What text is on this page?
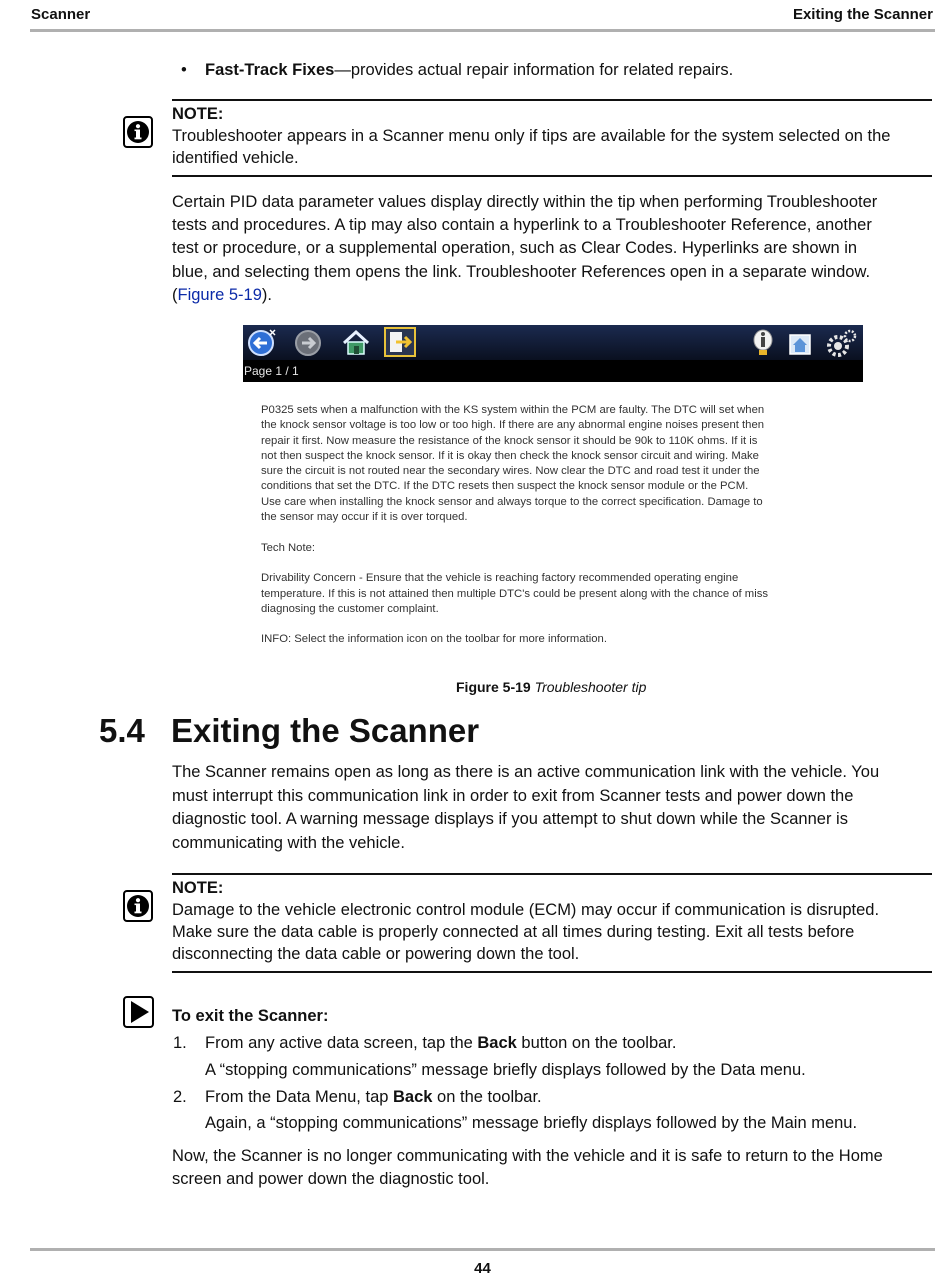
Scanner	Exiting the Scanner
• Fast-Track Fixes—provides actual repair information for related repairs.
NOTE:
Troubleshooter appears in a Scanner menu only if tips are available for the system selected on the
identified vehicle.
Certain PID data parameter values display directly within the tip when performing Troubleshooter
tests and procedures. A tip may also contain a hyperlink to a Troubleshooter Reference, another
test or procedure, or a supplemental operation, such as Clear Codes. Hyperlinks are shown in
blue, and selecting them opens the link. Troubleshooter References open in a separate window.
(Figure 5-19).
Page 1 / 1

P0325 sets when a malfunction with the KS system within the PCM are faulty. The DTC will set when
the knock sensor voltage is too low or too high. If there are any abnormal engine noises present then
repair it first. Now measure the resistance of the knock sensor it should be 90k to 110K ohms. If it is
not then suspect the knock sensor. If it is okay then check the knock sensor circuit and wiring. Make
sure the circuit is not routed near the secondary wires. Now clear the DTC and road test it under the
conditions that set the DTC. If the DTC resets then suspect the knock sensor module or the PCM.
Use care when installing the knock sensor and always torque to the correct specification. Damage to
the sensor may occur if it is over torqued.

Tech Note:

Drivability Concern - Ensure that the vehicle is reaching factory recommended operating engine
temperature. If this is not attained then multiple DTC's could be present along with the chance of miss
diagnosing the customer complaint.

INFO: Select the information icon on the toolbar for more information.

Figure 5-19 Troubleshooter tip
5.4 Exiting the Scanner
The Scanner remains open as long as there is an active communication link with the vehicle. You
must interrupt this communication link in order to exit from Scanner tests and power down the
diagnostic tool. A warning message displays if you attempt to shut down while the Scanner is
communicating with the vehicle.
NOTE:
Damage to the vehicle electronic control module (ECM) may occur if communication is disrupted.
Make sure the data cable is properly connected at all times during testing. Exit all tests before
disconnecting the data cable or powering down the tool.
To exit the Scanner:
1. From any active data screen, tap the Back button on the toolbar.
A “stopping communications” message briefly displays followed by the Data menu.
2. From the Data Menu, tap Back on the toolbar.
Again, a “stopping communications” message briefly displays followed by the Main menu.
Now, the Scanner is no longer communicating with the vehicle and it is safe to return to the Home
screen and power down the diagnostic tool.
44
